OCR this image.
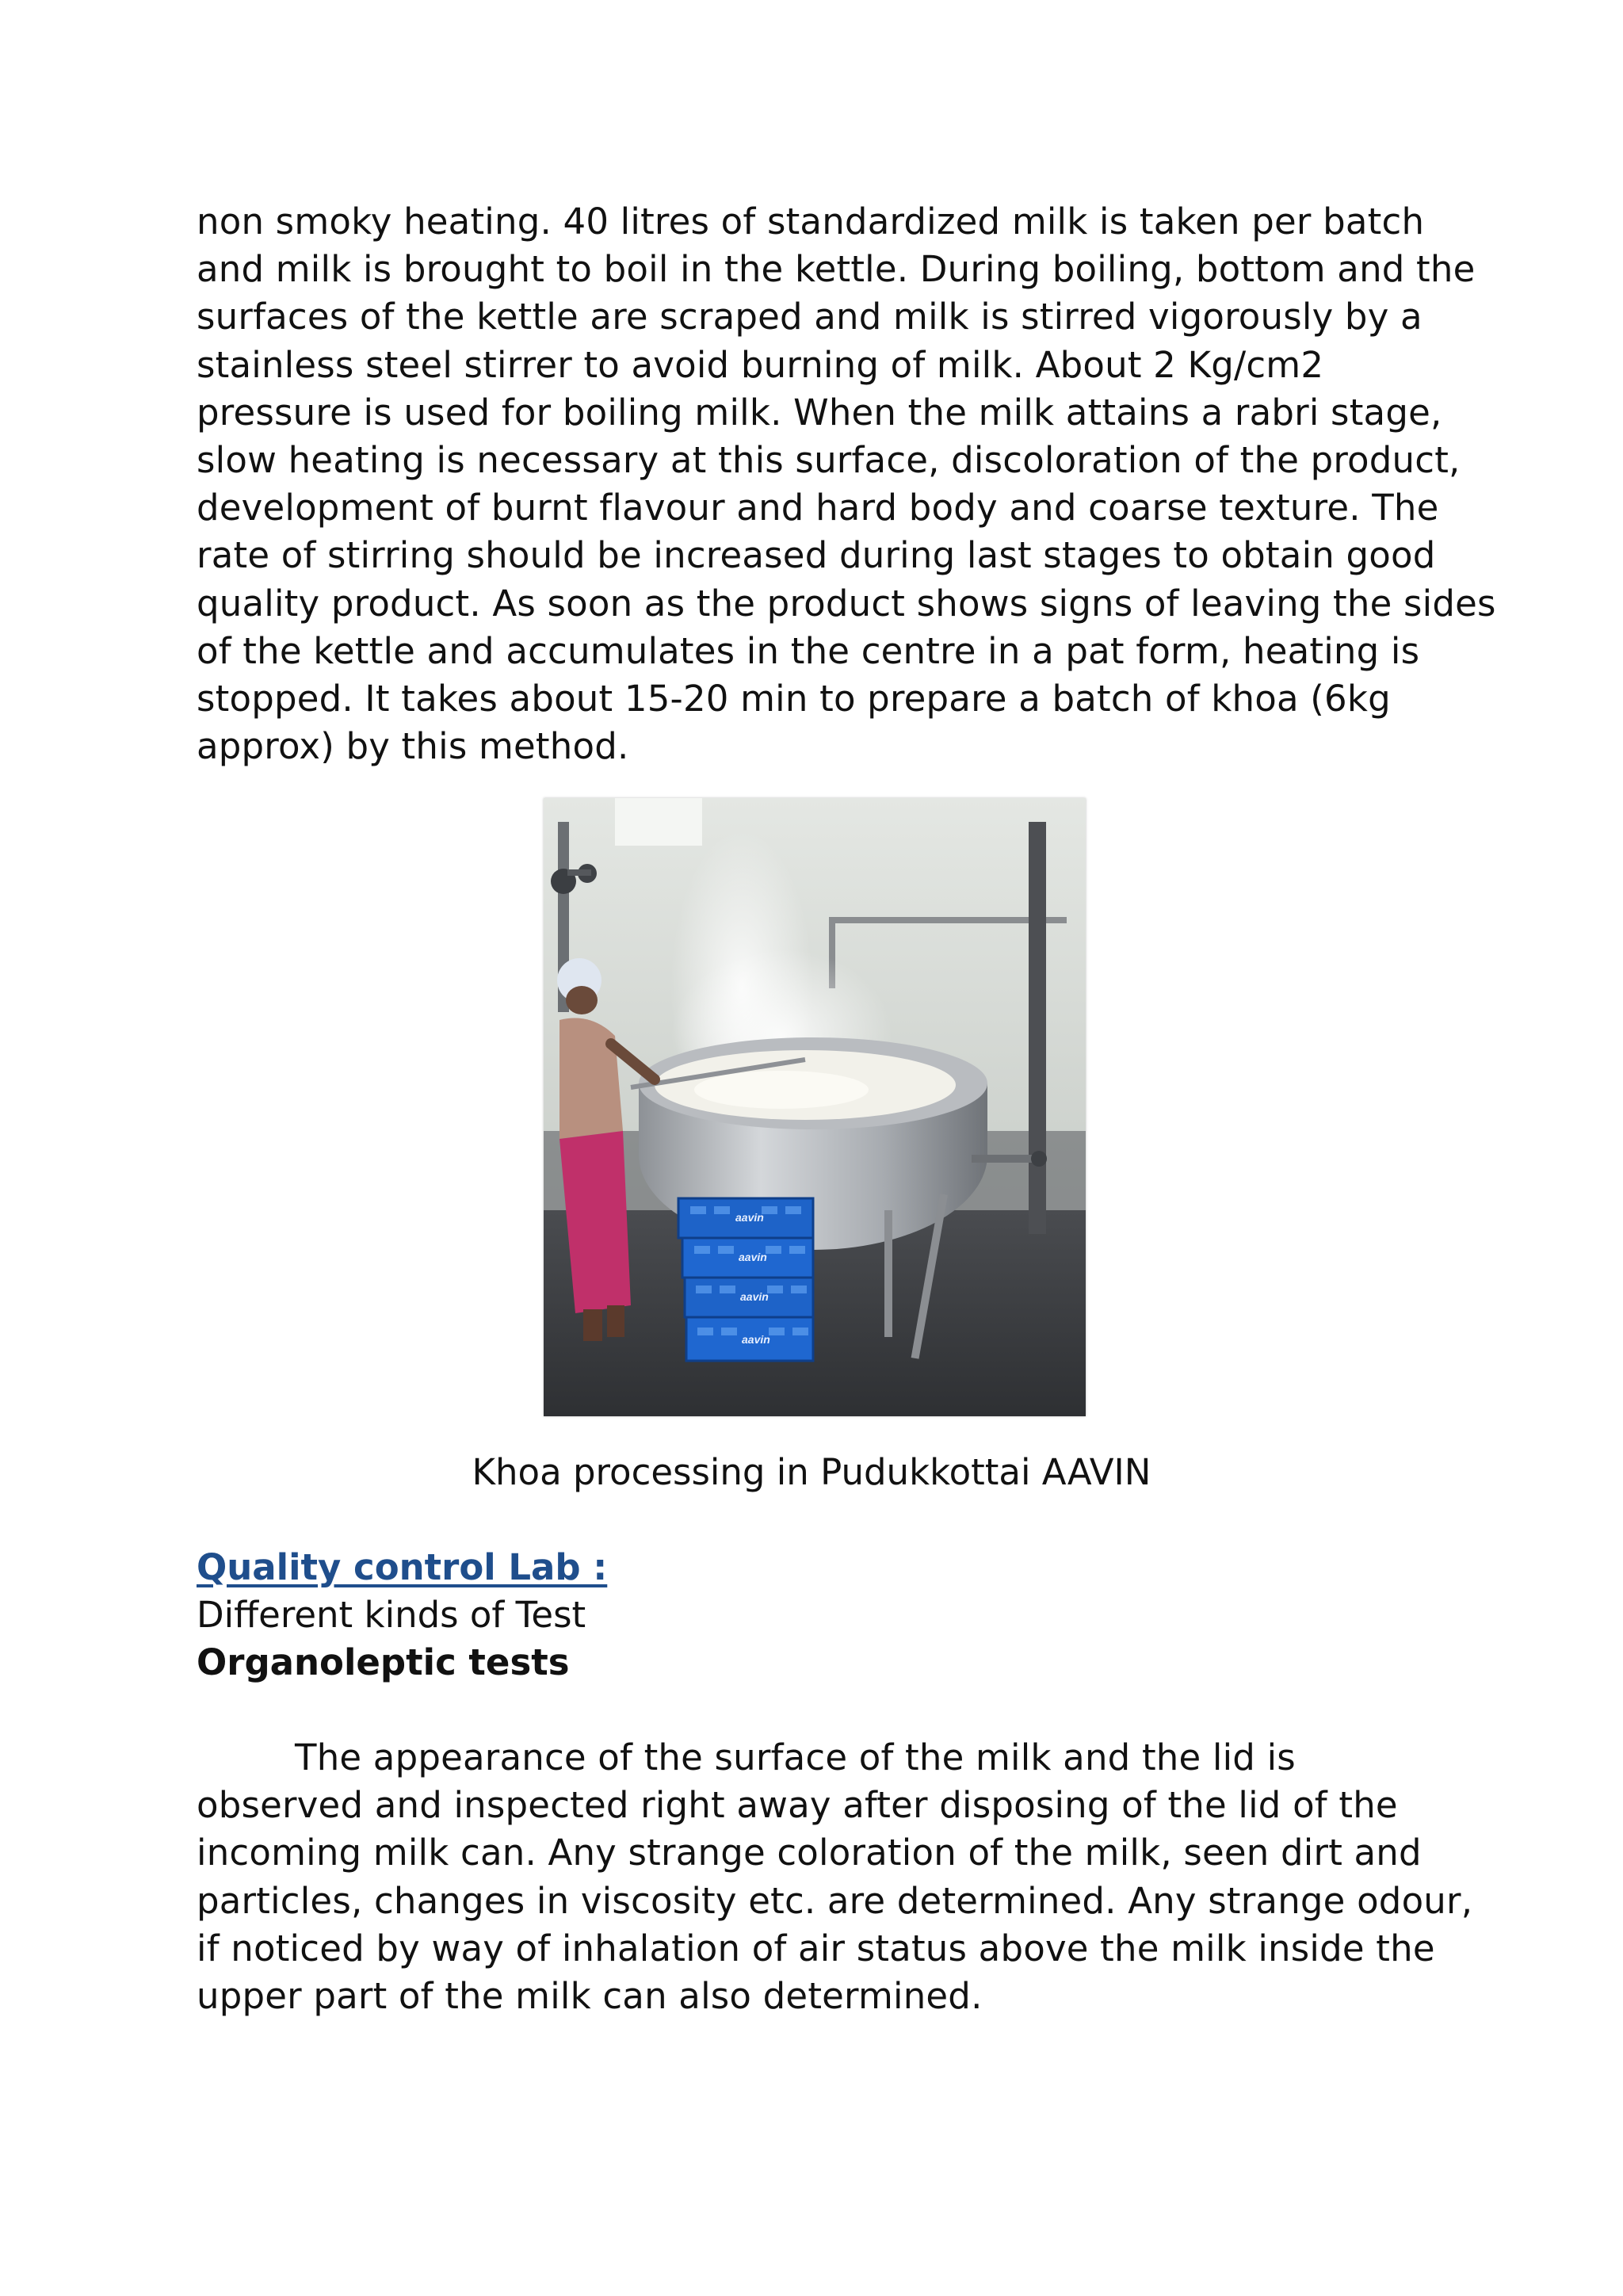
non smoky heating. 40 litres of standardized milk is taken per batch
and milk is brought to boil in the kettle. During boiling, bottom and the
surfaces of the kettle are scraped and milk is stirred vigorously by a
stainless steel stirrer to avoid burning of milk. About 2 Kg/cm2
pressure is used for boiling milk. When the milk attains a rabri stage,
slow heating is necessary at this surface, discoloration of the product,
development of burnt flavour and hard body and coarse texture. The
rate of stirring should be increased during last stages to obtain good
quality product. As soon as the product shows signs of leaving the sides
of the kettle and accumulates in the centre in a pat form, heating is
stopped. It takes about 15-20 min to prepare a batch of khoa (6kg
approx) by this method.
aavin
aavin
aavin
aavin
Khoa processing in Pudukkottai AAVIN
Quality control Lab :
Different kinds of Test
Organoleptic tests
The appearance of the surface of the milk and the lid is
observed and inspected right away after disposing of the lid of the
incoming milk can. Any strange coloration of the milk, seen dirt and
particles, changes in viscosity etc. are determined. Any strange odour,
if noticed by way of inhalation of air status above the milk inside the
upper part of the milk can also determined.
